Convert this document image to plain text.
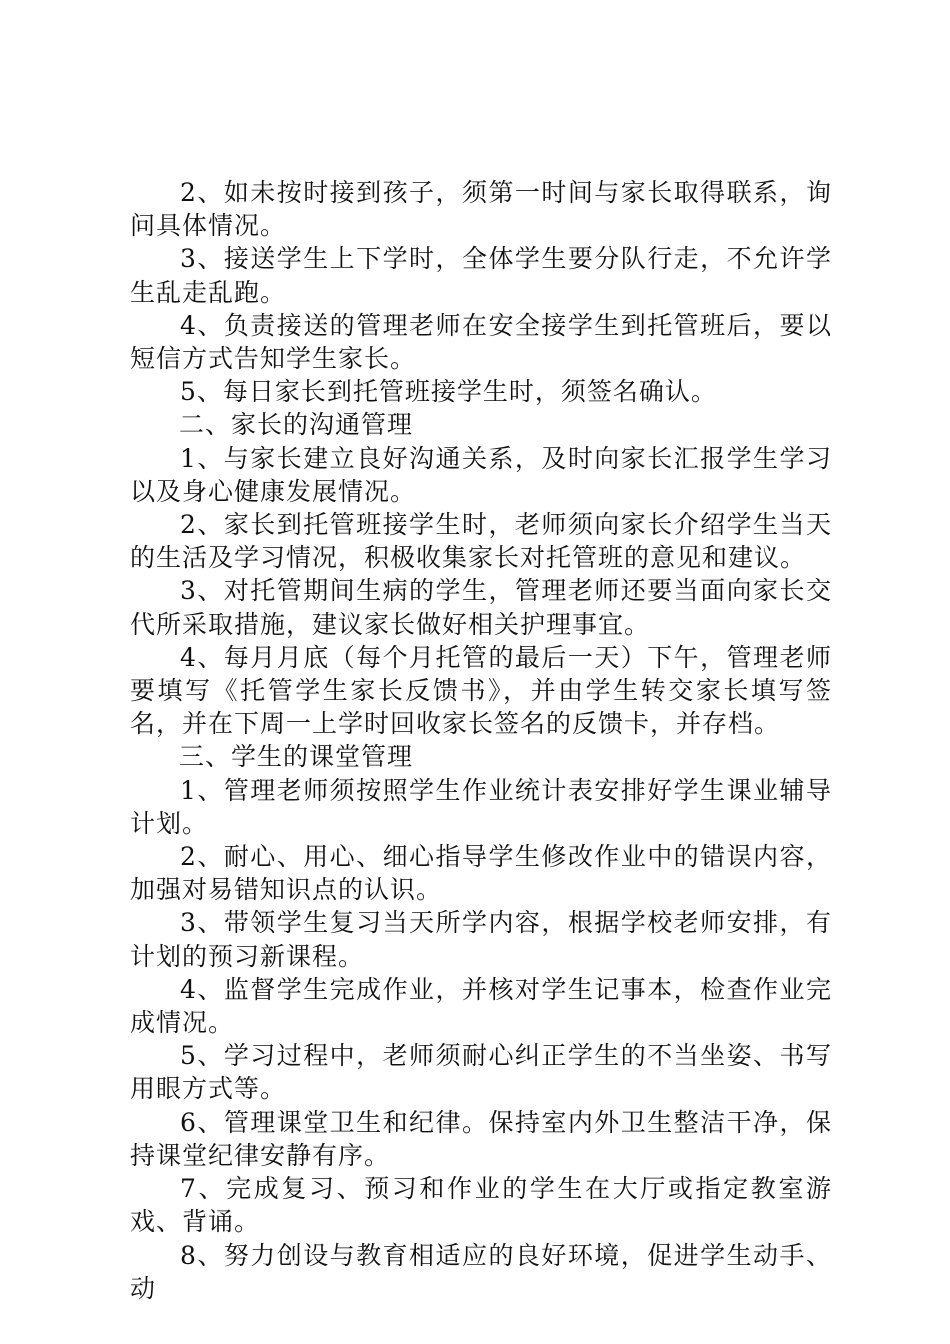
2、如未按时接到孩子，须第一时间与家长取得联系，询问具体情况。

3、接送学生上下学时，全体学生要分队行走，不允许学生乱走乱跑。

4、负责接送的管理老师在安全接学生到托管班后，要以短信方式告知学生家长。

5、每日家长到托管班接学生时，须签名确认。

二、家长的沟通管理

1、与家长建立良好沟通关系，及时向家长汇报学生学习以及身心健康发展情况。

2、家长到托管班接学生时，老师须向家长介绍学生当天的生活及学习情况，积极收集家长对托管班的意见和建议。

3、对托管期间生病的学生，管理老师还要当面向家长交代所采取措施，建议家长做好相关护理事宜。

4、每月月底（每个月托管的最后一天）下午，管理老师要填写《托管学生家长反馈书》，并由学生转交家长填写签名，并在下周一上学时回收家长签名的反馈卡，并存档。

三、学生的课堂管理

1、管理老师须按照学生作业统计表安排好学生课业辅导计划。

2、耐心、用心、细心指导学生修改作业中的错误内容，加强对易错知识点的认识。

3、带领学生复习当天所学内容，根据学校老师安排，有计划的预习新课程。

4、监督学生完成作业，并核对学生记事本，检查作业完成情况。

5、学习过程中，老师须耐心纠正学生的不当坐姿、书写用眼方式等。

6、管理课堂卫生和纪律。保持室内外卫生整洁干净，保持课堂纪律安静有序。

7、完成复习、预习和作业的学生在大厅或指定教室游戏、背诵。

8、努力创设与教育相适应的良好环境，促进学生动手、动
